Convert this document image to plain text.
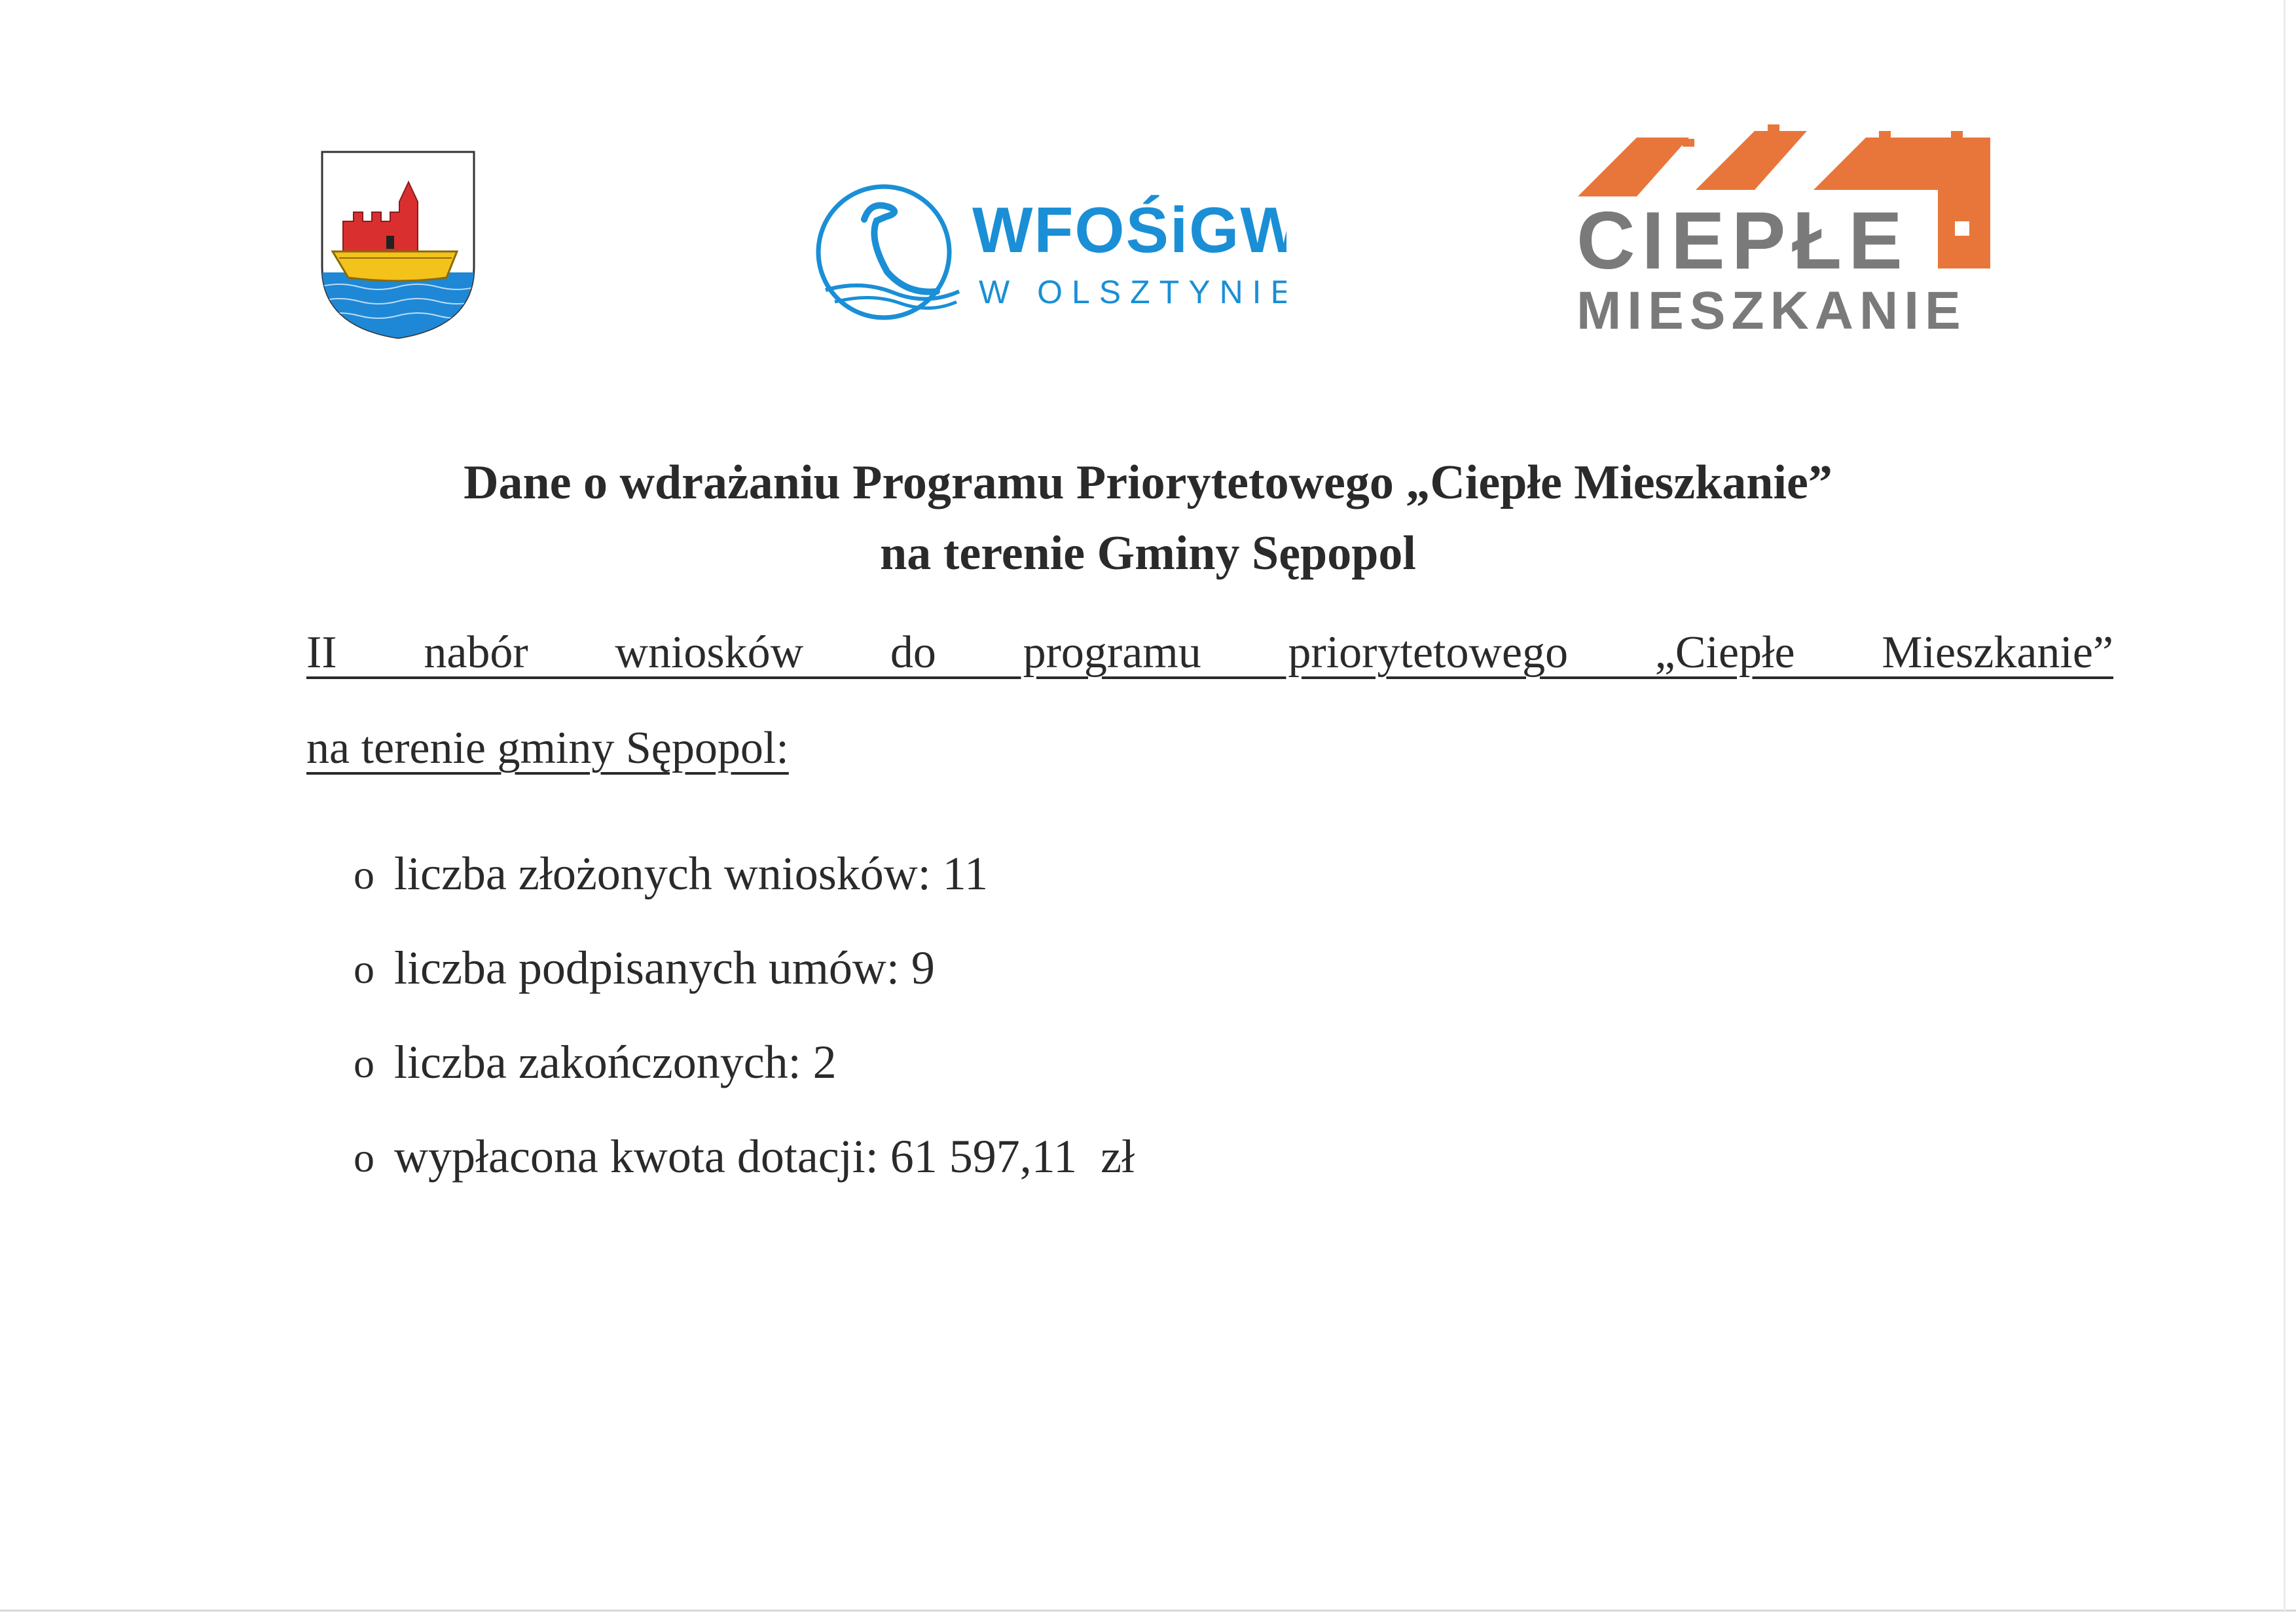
WFOŚiGW
W OLSZTYNIE
CIEPŁE
MIESZKANIE
Dane o wdrażaniu Programu Priorytetowego „Ciepłe Mieszkanie”
na terenie Gminy Sępopol
II nabór wniosków do programu priorytetowego „Ciepłe Mieszkanie”
na terenie gminy Sępopol:
o liczba złożonych wniosków: 11
o liczba podpisanych umów: 9
o liczba zakończonych: 2
o wypłacona kwota dotacji: 61 597,11  zł
